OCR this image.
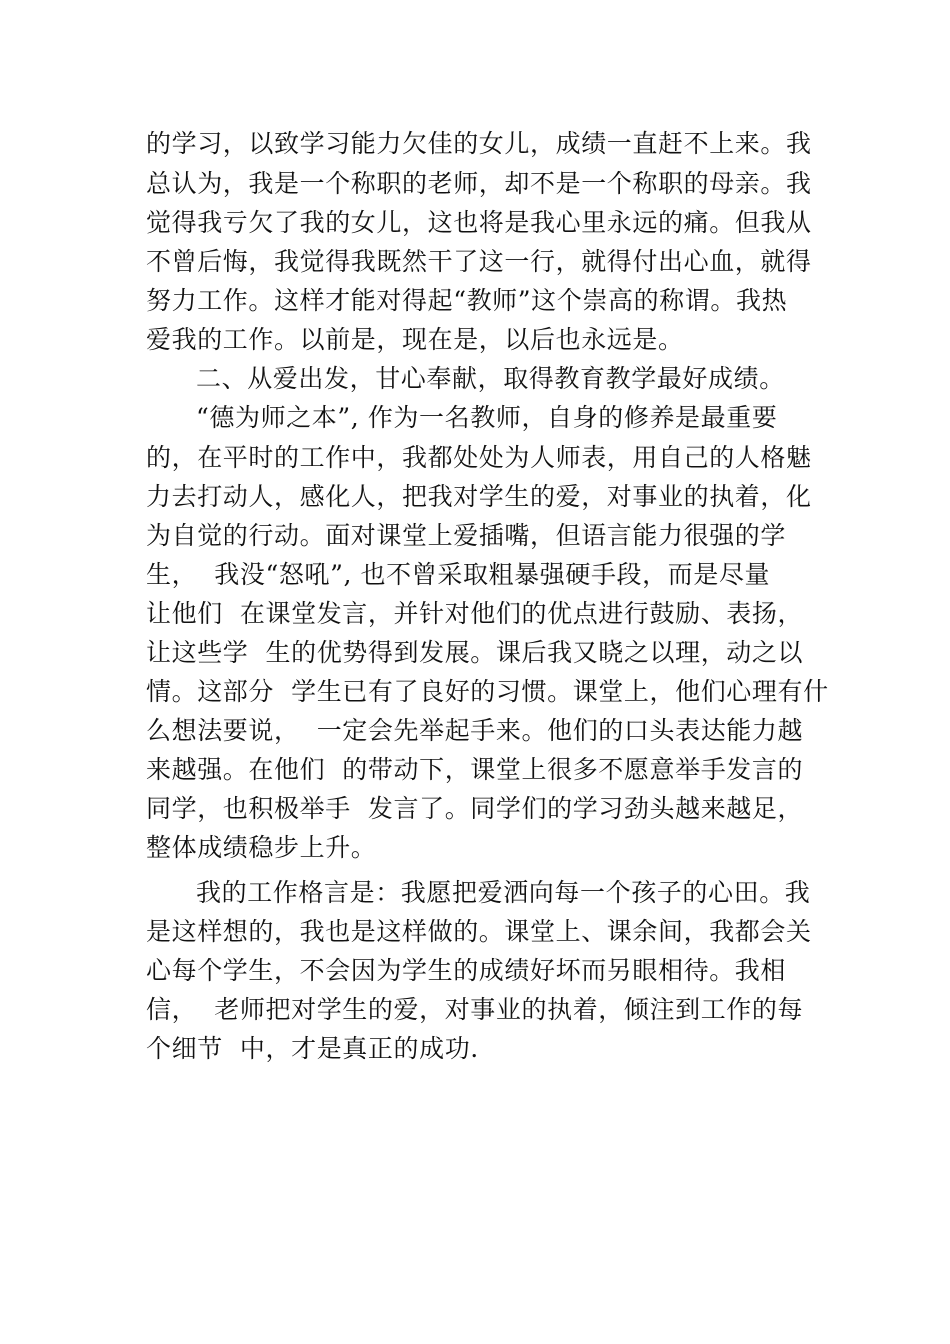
的学习，以致学习能力欠佳的女儿，成绩一直赶不上来。我
总认为，我是一个称职的老师，却不是一个称职的母亲。我
觉得我亏欠了我的女儿，这也将是我心里永远的痛。但我从
不曾后悔，我觉得我既然干了这一行，就得付出心血，就得
努力工作。这样才能对得起“教师”这个崇高的称谓。我热
爱我的工作。以前是，现在是，以后也永远是。
二、从爱出发，甘心奉献，取得教育教学最好成绩。
“德为师之本”, 作为一名教师，自身的修养是最重要
的，在平时的工作中，我都处处为人师表，用自己的人格魅
力去打动人，感化人，把我对学生的爱，对事业的执着，化
为自觉的行动。面对课堂上爱插嘴，但语言能力很强的学
生，  我没“怒吼”, 也不曾采取粗暴强硬手段，而是尽量
让他们  在课堂发言，并针对他们的优点进行鼓励、表扬，
让这些学  生的优势得到发展。课后我又晓之以理，动之以
情。这部分  学生已有了良好的习惯。课堂上，他们心理有什
么想法要说，  一定会先举起手来。他们的口头表达能力越
来越强。在他们  的带动下，课堂上很多不愿意举手发言的
同学，也积极举手  发言了。同学们的学习劲头越来越足，
整体成绩稳步上升。
我的工作格言是：我愿把爱洒向每一个孩子的心田。我
是这样想的，我也是这样做的。课堂上、课余间，我都会关
心每个学生，不会因为学生的成绩好坏而另眼相待。我相
信，  老师把对学生的爱，对事业的执着，倾注到工作的每
个细节  中，才是真正的成功.
